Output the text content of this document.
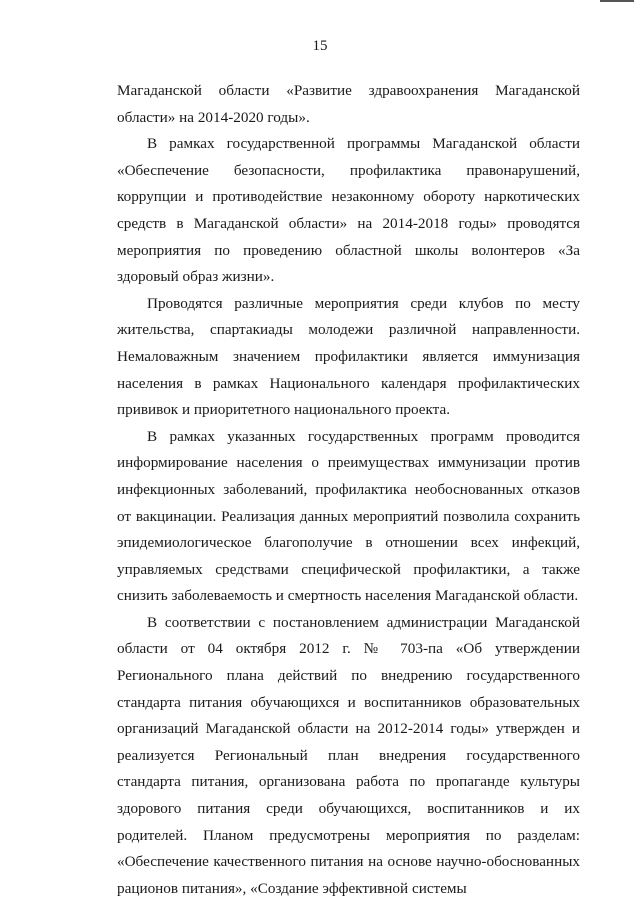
15

Магаданской области «Развитие здравоохранения Магаданской области» на 2014-2020 годы».

В рамках государственной программы Магаданской области «Обеспечение безопасности, профилактика правонарушений, коррупции и противодействие незаконному обороту наркотических средств в Магаданской области» на 2014-2018 годы» проводятся мероприятия по проведению областной школы волонтеров «За здоровый образ жизни».

Проводятся различные мероприятия среди клубов по месту жительства, спартакиады молодежи различной направленности. Немаловажным значением профилактики является иммунизация населения в рамках Национального календаря профилактических прививок и приоритетного национального проекта.

В рамках указанных государственных программ проводится информирование населения о преимуществах иммунизации против инфекционных заболеваний, профилактика необоснованных отказов от вакцинации. Реализация данных мероприятий позволила сохранить эпидемиологическое благополучие в отношении всех инфекций, управляемых средствами специфической профилактики, а также снизить заболеваемость и смертность населения Магаданской области.

В соответствии с постановлением администрации Магаданской области от 04 октября 2012 г. № 703-па «Об утверждении Регионального плана действий по внедрению государственного стандарта питания обучающихся и воспитанников образовательных организаций Магаданской области на 2012-2014 годы» утвержден и реализуется Региональный план внедрения государственного стандарта питания, организована работа по пропаганде культуры здорового питания среди обучающихся, воспитанников и их родителей. Планом предусмотрены мероприятия по разделам: «Обеспечение качественного питания на основе научно-обоснованных рационов питания», «Создание эффективной системы
